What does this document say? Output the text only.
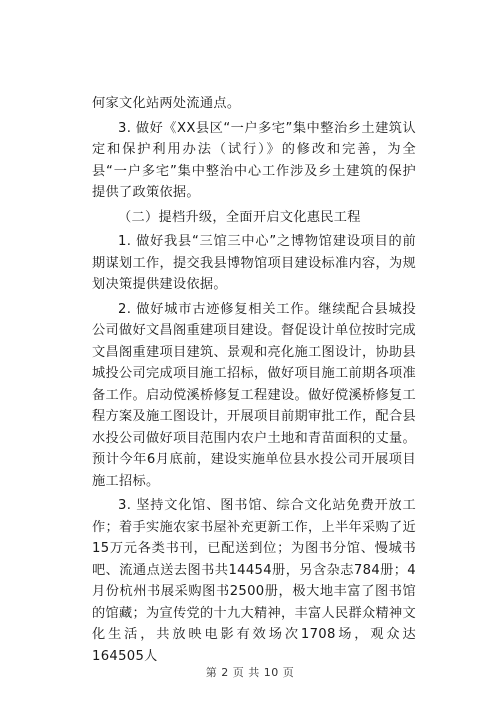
何家文化站两处流通点。

3. 做好《XX县区“一户多宅”集中整治乡土建筑认定和保护利用办法（试行）》的修改和完善，为全县“一户多宅”集中整治中心工作涉及乡土建筑的保护提供了政策依据。

（二）提档升级，全面开启文化惠民工程

1. 做好我县“三馆三中心”之博物馆建设项目的前期谋划工作，提交我县博物馆项目建设标准内容，为规划决策提供建设依据。

2. 做好城市古迹修复相关工作。继续配合县城投公司做好文昌阁重建项目建设。督促设计单位按时完成文昌阁重建项目建筑、景观和亮化施工图设计，协助县城投公司完成项目施工招标，做好项目施工前期各项准备工作。启动傥溪桥修复工程建设。做好傥溪桥修复工程方案及施工图设计，开展项目前期审批工作，配合县水投公司做好项目范围内农户土地和青苗面积的丈量。预计今年6月底前，建设实施单位县水投公司开展项目施工招标。

3. 坚持文化馆、图书馆、综合文化站免费开放工作；着手实施农家书屋补充更新工作，上半年采购了近15万元各类书刊，已配送到位；为图书分馆、慢城书吧、流通点送去图书共14454册，另含杂志784册；4月份杭州书展采购图书2500册，极大地丰富了图书馆的馆藏；为宣传党的十九大精神，丰富人民群众精神文化生活，共放映电影有效场次1708场，观众达164505人

第 2 页 共 10 页
